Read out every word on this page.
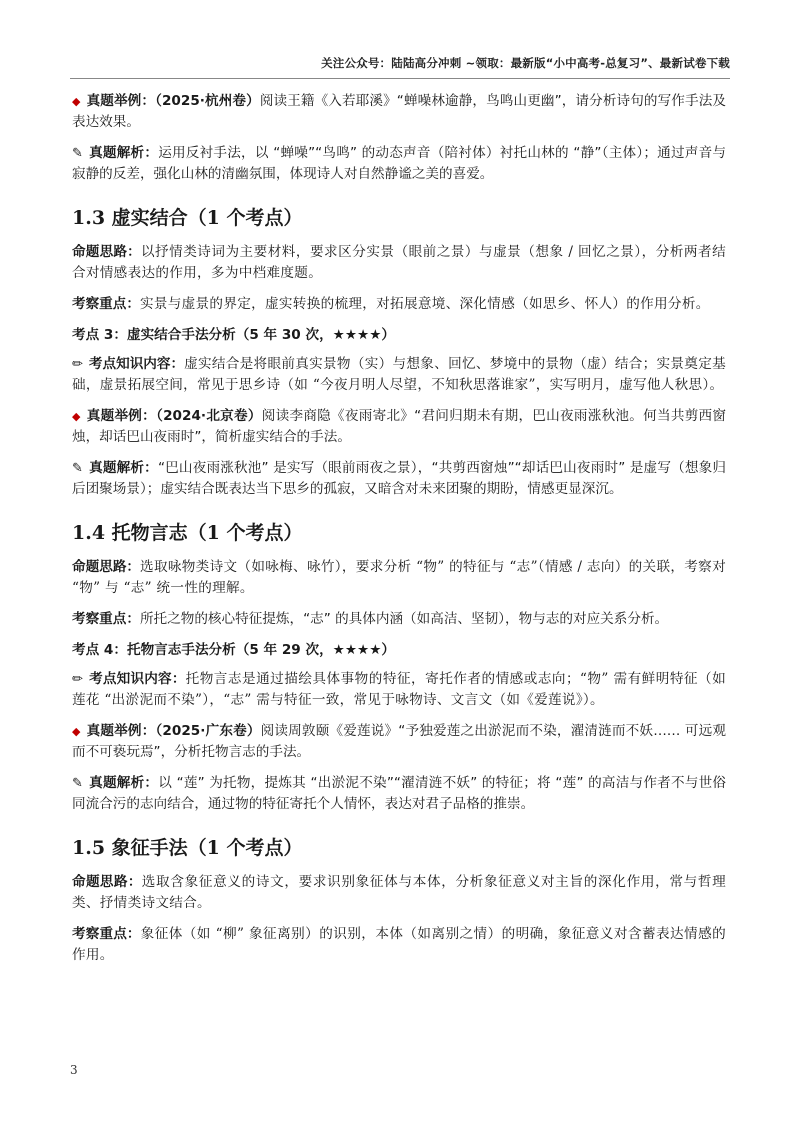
关注公众号：陆陆高分冲刺 ~领取：最新版“小中高考-总复习”、最新试卷下载

◆ 真题举例：（2025·杭州卷）阅读王籍《入若耶溪》“蝉噪林逾静，鸟鸣山更幽”，请分析诗句的写作手法及表达效果。

✎ 真题解析：运用反衬手法，以 “蝉噪”“鸟鸣” 的动态声音（陪衬体）衬托山林的 “静”（主体）；通过声音与寂静的反差，强化山林的清幽氛围，体现诗人对自然静谧之美的喜爱。

1.3 虚实结合（1 个考点）

命题思路：以抒情类诗词为主要材料，要求区分实景（眼前之景）与虚景（想象 / 回忆之景），分析两者结合对情感表达的作用，多为中档难度题。

考察重点：实景与虚景的界定，虚实转换的梳理，对拓展意境、深化情感（如思乡、怀人）的作用分析。

考点 3：虚实结合手法分析（5 年 30 次，★★★★）

✏ 考点知识内容：虚实结合是将眼前真实景物（实）与想象、回忆、梦境中的景物（虚）结合；实景奠定基础，虚景拓展空间，常见于思乡诗（如 “今夜月明人尽望，不知秋思落谁家”，实写明月，虚写他人秋思）。

◆ 真题举例：（2024·北京卷）阅读李商隐《夜雨寄北》“君问归期未有期，巴山夜雨涨秋池。何当共剪西窗烛，却话巴山夜雨时”，简析虚实结合的手法。

✎ 真题解析：“巴山夜雨涨秋池” 是实写（眼前雨夜之景），“共剪西窗烛”“却话巴山夜雨时” 是虚写（想象归后团聚场景）；虚实结合既表达当下思乡的孤寂，又暗含对未来团聚的期盼，情感更显深沉。

1.4 托物言志（1 个考点）

命题思路：选取咏物类诗文（如咏梅、咏竹），要求分析 “物” 的特征与 “志”（情感 / 志向）的关联，考察对 “物” 与 “志” 统一性的理解。

考察重点：所托之物的核心特征提炼，“志” 的具体内涵（如高洁、坚韧），物与志的对应关系分析。

考点 4：托物言志手法分析（5 年 29 次，★★★★）

✏ 考点知识内容：托物言志是通过描绘具体事物的特征，寄托作者的情感或志向；“物” 需有鲜明特征（如莲花 “出淤泥而不染”），“志” 需与特征一致，常见于咏物诗、文言文（如《爱莲说》）。

◆ 真题举例：（2025·广东卷）阅读周敦颐《爱莲说》“予独爱莲之出淤泥而不染，濯清涟而不妖…… 可远观而不可亵玩焉”，分析托物言志的手法。

✎ 真题解析：以 “莲” 为托物，提炼其 “出淤泥不染”“濯清涟不妖” 的特征；将 “莲” 的高洁与作者不与世俗同流合污的志向结合，通过物的特征寄托个人情怀，表达对君子品格的推崇。

1.5 象征手法（1 个考点）

命题思路：选取含象征意义的诗文，要求识别象征体与本体，分析象征意义对主旨的深化作用，常与哲理类、抒情类诗文结合。

考察重点：象征体（如 “柳” 象征离别）的识别，本体（如离别之情）的明确，象征意义对含蓄表达情感的作用。

3
